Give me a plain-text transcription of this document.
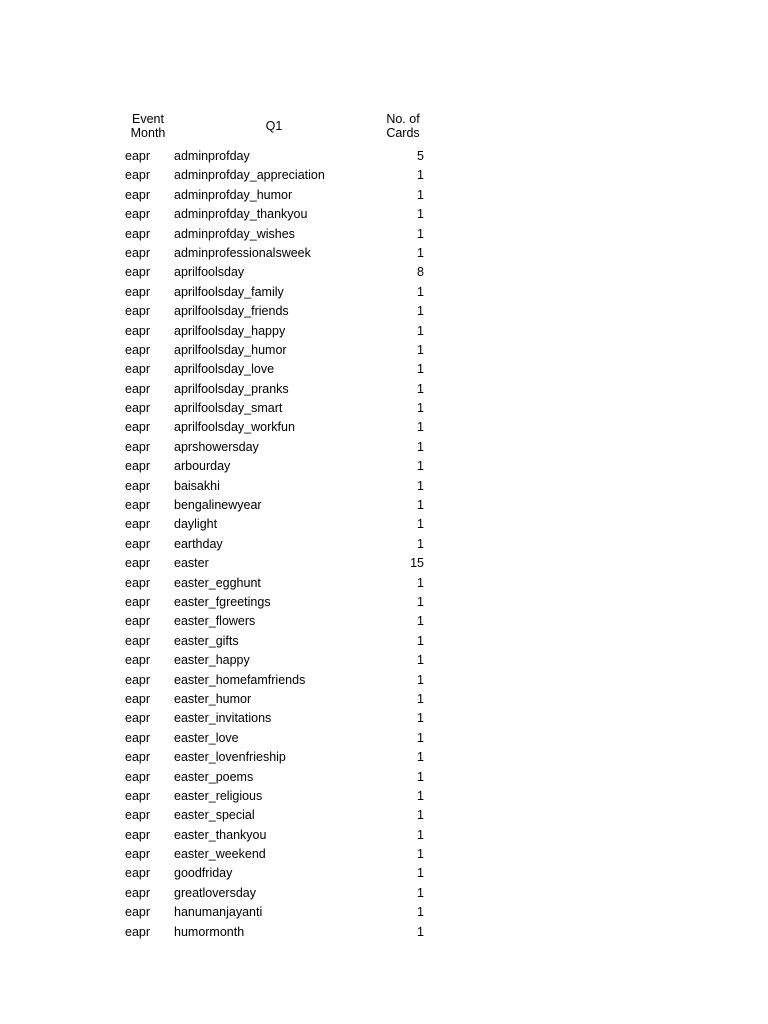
Event
Month	Q1	No. of
Cards
eapr adminprofday	5
eapr adminprofday_appreciation	1
eapr adminprofday_humor	1
eapr adminprofday_thankyou	1
eapr adminprofday_wishes	1
eapr adminprofessionalsweek	1
eapr aprilfoolsday	8
eapr aprilfoolsday_family	1
eapr aprilfoolsday_friends	1
eapr aprilfoolsday_happy	1
eapr aprilfoolsday_humor	1
eapr aprilfoolsday_love	1
eapr aprilfoolsday_pranks	1
eapr aprilfoolsday_smart	1
eapr aprilfoolsday_workfun	1
eapr aprshowersday	1
eapr arbourday	1
eapr baisakhi	1
eapr bengalinewyear	1
eapr daylight	1
eapr earthday	1
eapr easter	15
eapr easter_egghunt	1
eapr easter_fgreetings	1
eapr easter_flowers	1
eapr easter_gifts	1
eapr easter_happy	1
eapr easter_homefamfriends	1
eapr easter_humor	1
eapr easter_invitations	1
eapr easter_love	1
eapr easter_lovenfrieship	1
eapr easter_poems	1
eapr easter_religious	1
eapr easter_special	1
eapr easter_thankyou	1
eapr easter_weekend	1
eapr goodfriday	1
eapr greatloversday	1
eapr hanumanjayanti	1
eapr humormonth	1
